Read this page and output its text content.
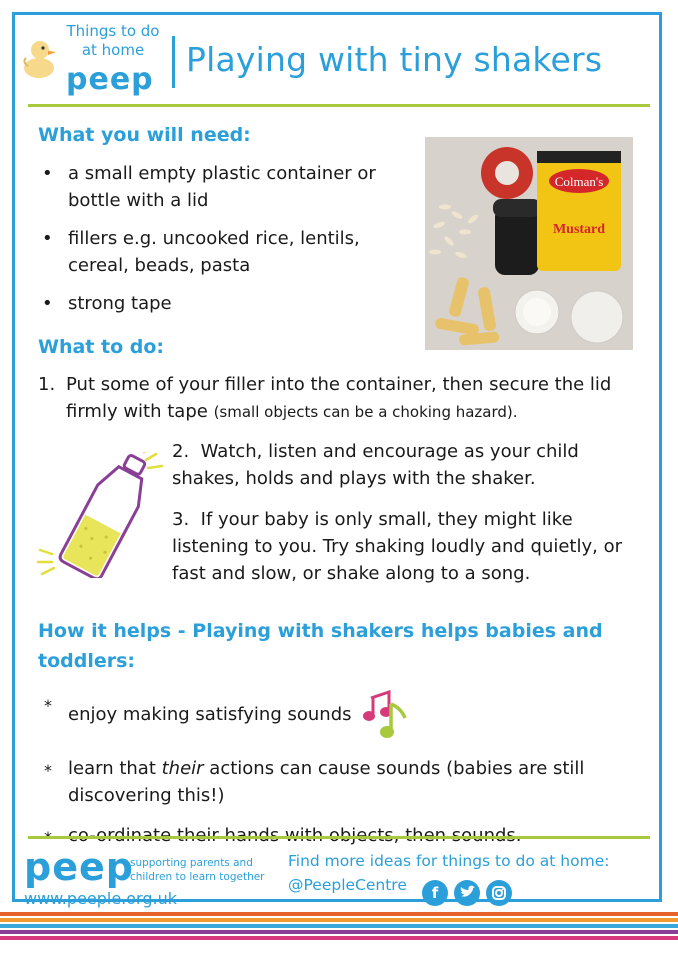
Things to do
at home
peep
Playing with tiny shakers
What you will need:
• a small empty plastic container or bottle with a lid
• fillers e.g. uncooked rice, lentils, cereal, beads, pasta
• strong tape
Colman's
Mustard
What to do:
1. Put some of your filler into the container, then secure the lid firmly with tape (small objects can be a choking hazard).
2. Watch, listen and encourage as your child shakes, holds and plays with the shaker.
3. If your baby is only small, they might like listening to you. Try shaking loudly and quietly, or fast and slow, or shake along to a song.
How it helps - Playing with shakers helps babies and toddlers:
* enjoy making satisfying sounds
* learn that their actions can cause sounds (babies are still discovering this!)
*
peep
supporting parents and
children to learn together
www.peeple.org.uk
Find more ideas for things to do at home:
@PeepleCentre	f
